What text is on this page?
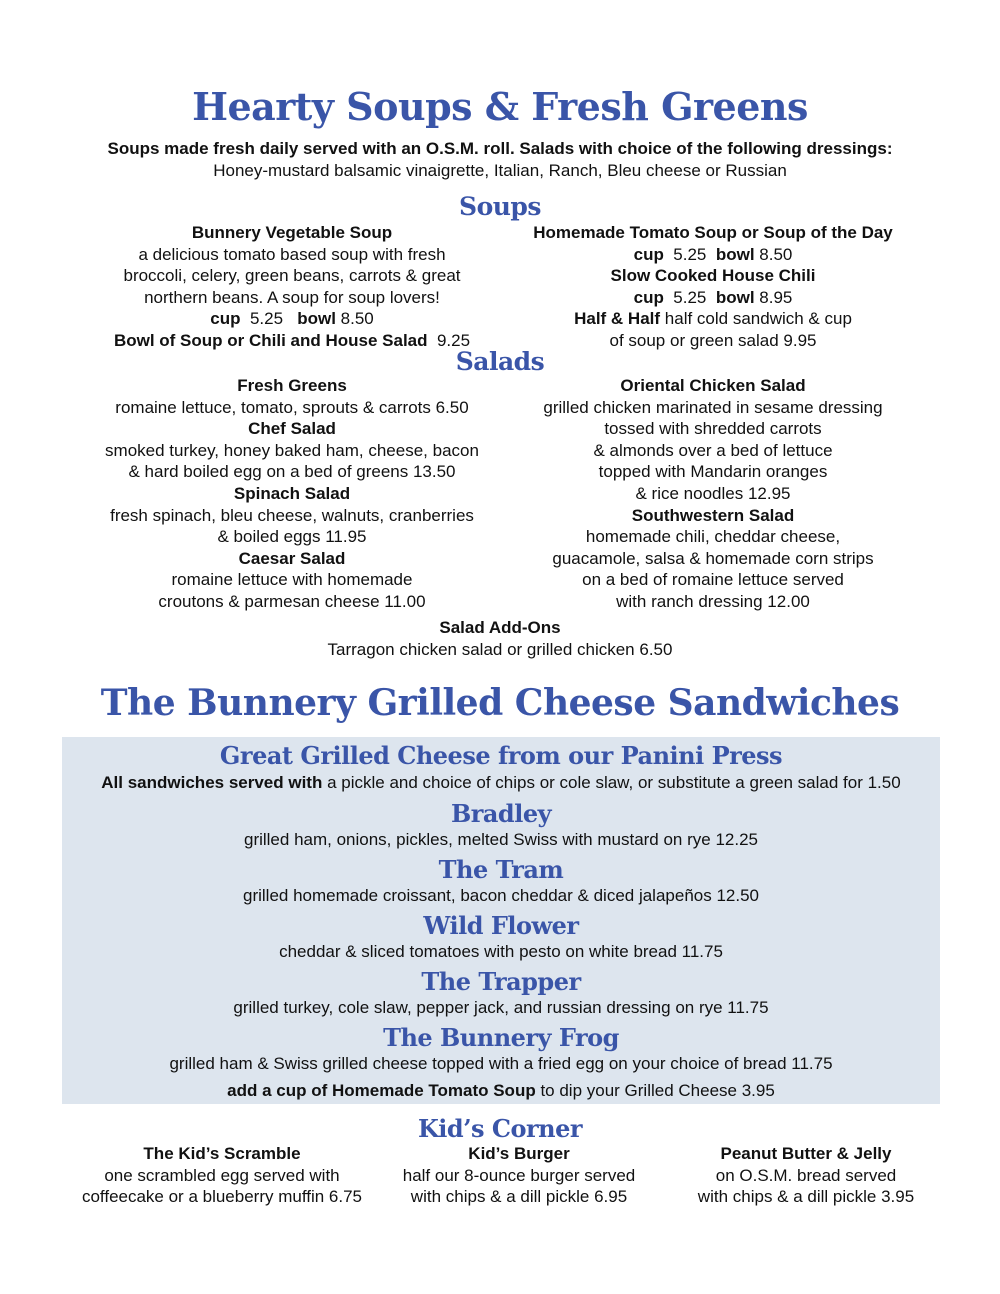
Hearty Soups & Fresh Greens
Soups made fresh daily served with an O.S.M. roll. Salads with choice of the following dressings:
Honey-mustard balsamic vinaigrette, Italian, Ranch, Bleu cheese or Russian
Soups
Bunnery Vegetable Soup
a delicious tomato based soup with fresh
broccoli, celery, green beans, carrots & great
northern beans. A soup for soup lovers!
cup 5.25 bowl 8.50
Bowl of Soup or Chili and House Salad 9.25
Homemade Tomato Soup or Soup of the Day
cup 5.25 bowl 8.50
Slow Cooked House Chili
cup 5.25 bowl 8.95
Half & Half half cold sandwich & cup
of soup or green salad 9.95
Salads
Fresh Greens
romaine lettuce, tomato, sprouts & carrots 6.50
Chef Salad
smoked turkey, honey baked ham, cheese, bacon
& hard boiled egg on a bed of greens 13.50
Spinach Salad
fresh spinach, bleu cheese, walnuts, cranberries
& boiled eggs 11.95
Caesar Salad
romaine lettuce with homemade
croutons & parmesan cheese 11.00
Oriental Chicken Salad
grilled chicken marinated in sesame dressing
tossed with shredded carrots
& almonds over a bed of lettuce
topped with Mandarin oranges
& rice noodles 12.95
Southwestern Salad
homemade chili, cheddar cheese,
guacamole, salsa & homemade corn strips
on a bed of romaine lettuce served
with ranch dressing 12.00
Salad Add-Ons
Tarragon chicken salad or grilled chicken 6.50
The Bunnery Grilled Cheese Sandwiches
Great Grilled Cheese from our Panini Press
All sandwiches served with a pickle and choice of chips or cole slaw, or substitute a green salad for 1.50
Bradley
grilled ham, onions, pickles, melted Swiss with mustard on rye 12.25
The Tram
grilled homemade croissant, bacon cheddar & diced jalapeños 12.50
Wild Flower
cheddar & sliced tomatoes with pesto on white bread 11.75
The Trapper
grilled turkey, cole slaw, pepper jack, and russian dressing on rye 11.75
The Bunnery Frog
grilled ham & Swiss grilled cheese topped with a fried egg on your choice of bread 11.75
add a cup of Homemade Tomato Soup to dip your Grilled Cheese 3.95
Kid’s Corner
The Kid’s Scramble
one scrambled egg served with
coffeecake or a blueberry muffin 6.75
Kid’s Burger
half our 8-ounce burger served
with chips & a dill pickle 6.95
Peanut Butter & Jelly
on O.S.M. bread served
with chips & a dill pickle 3.95
